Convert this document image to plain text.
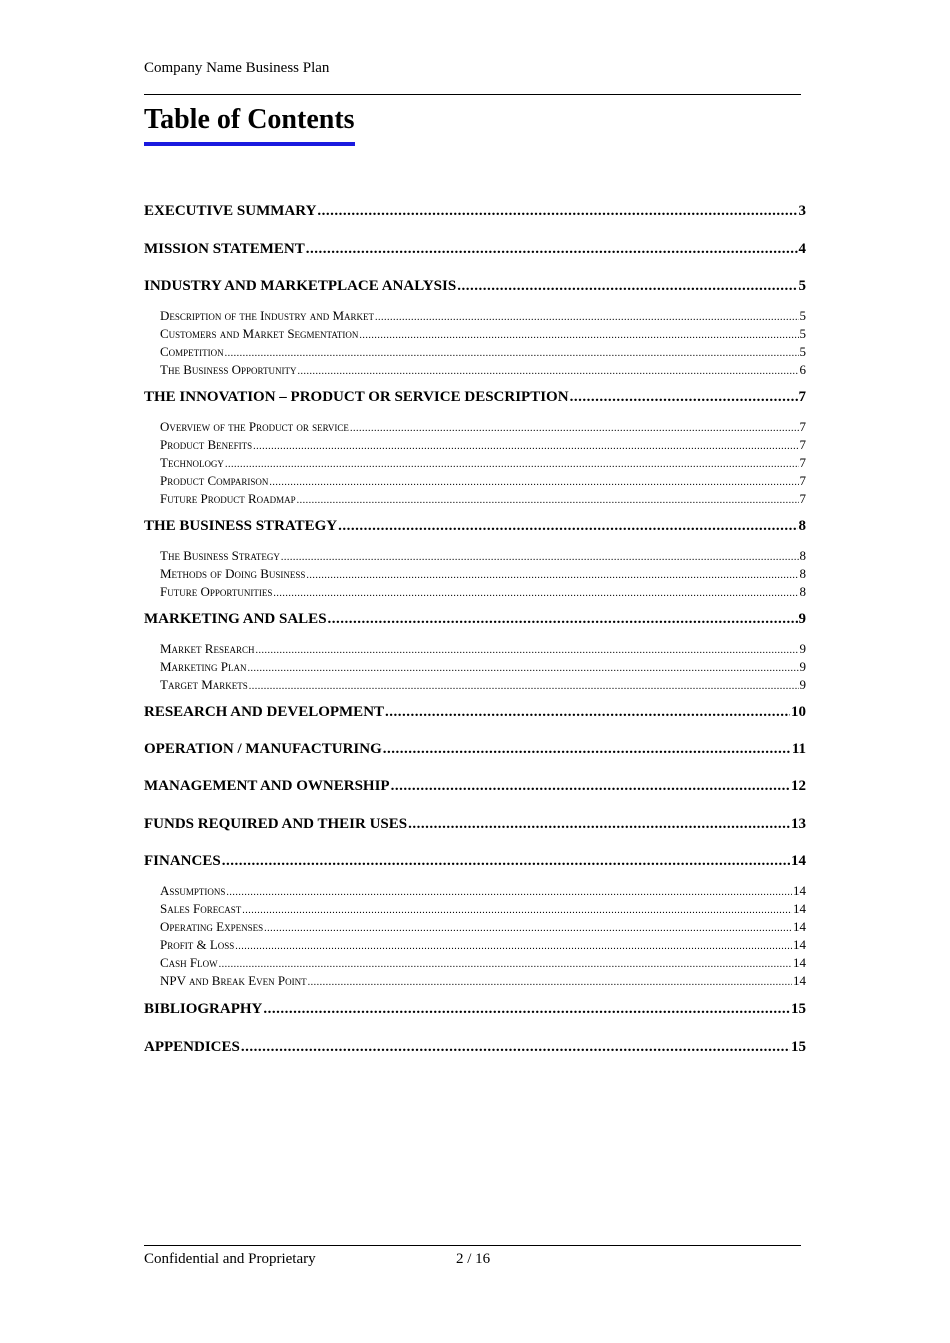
Company Name Business Plan
Table of Contents
EXECUTIVE SUMMARY .....	3
MISSION STATEMENT .....	4
INDUSTRY AND MARKETPLACE ANALYSIS .....	5
Description of the Industry and Market .....	5
Customers and Market Segmentation .....	5
Competition .....	5
The Business Opportunity .....	6
THE INNOVATION – PRODUCT OR SERVICE DESCRIPTION .....	7
Overview of the Product or service .....	7
Product Benefits .....	7
Technology .....	7
Product Comparison .....	7
Future Product Roadmap .....	7
THE BUSINESS STRATEGY .....	8
The Business Strategy .....	8
Methods of Doing Business .....	8
Future Opportunities .....	8
MARKETING AND SALES .....	9
Market Research .....	9
Marketing Plan .....	9
Target Markets .....	9
RESEARCH AND DEVELOPMENT .....	10
OPERATION / MANUFACTURING .....	11
MANAGEMENT AND OWNERSHIP .....	12
FUNDS REQUIRED AND THEIR USES .....	13
FINANCES .....	14
Assumptions .....	14
Sales Forecast .....	14
Operating Expenses .....	14
Profit & Loss .....	14
Cash Flow .....	14
NPV and Break Even Point .....	14
BIBLIOGRAPHY .....	15
APPENDICES .....	15
Confidential and Proprietary	2 / 16
